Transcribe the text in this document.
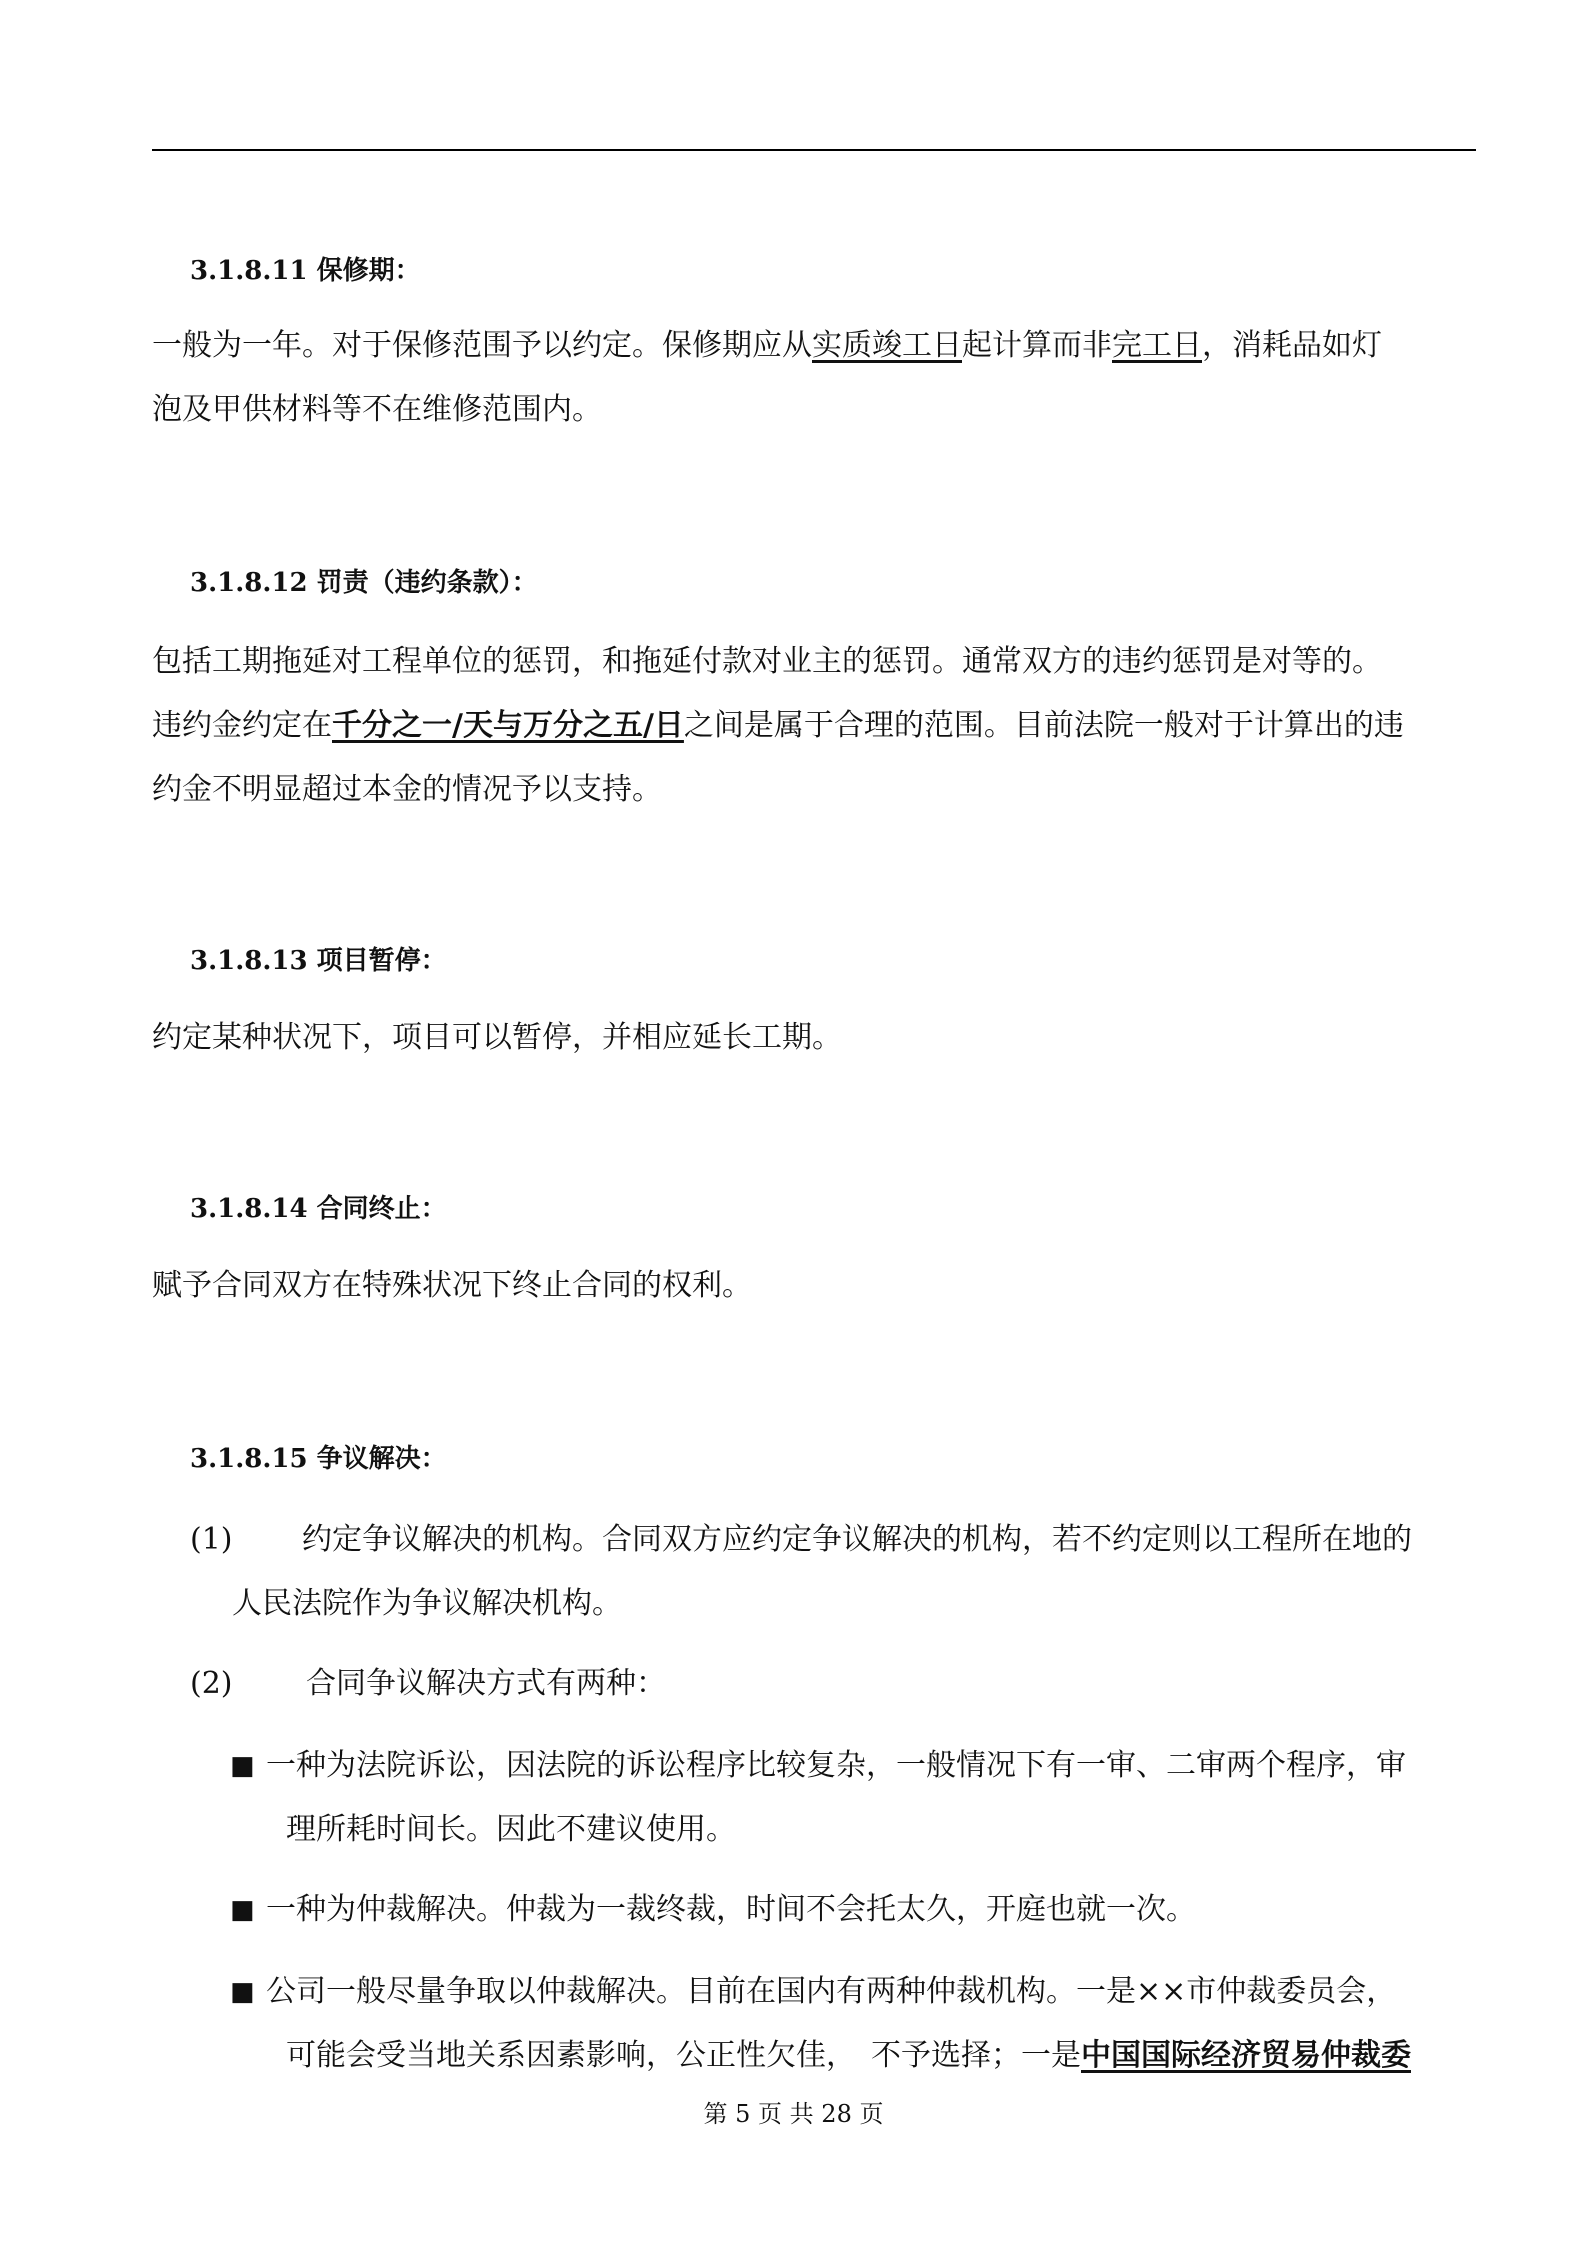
3.1.8.11 保修期：

一般为一年。对于保修范围予以约定。保修期应从实质竣工日起计算而非完工日，消耗品如灯
泡及甲供材料等不在维修范围内。

3.1.8.12 罚责（违约条款）：

包括工期拖延对工程单位的惩罚，和拖延付款对业主的惩罚。通常双方的违约惩罚是对等的。
违约金约定在千分之一/天与万分之五/日之间是属于合理的范围。目前法院一般对于计算出的违
约金不明显超过本金的情况予以支持。

3.1.8.13 项目暂停：

约定某种状况下，项目可以暂停，并相应延长工期。

3.1.8.14 合同终止：

赋予合同双方在特殊状况下终止合同的权利。

3.1.8.15 争议解决：
(1)	约定争议解决的机构。合同双方应约定争议解决的机构，若不约定则以工程所在地的

人民法院作为争议解决机构。

(2)	合同争议解决方式有两种：

■ 一种为法院诉讼，因法院的诉讼程序比较复杂，一般情况下有一审、二审两个程序，审

理所耗时间长。因此不建议使用。

■ 一种为仲裁解决。仲裁为一裁终裁，时间不会托太久，开庭也就一次。

■ 公司一般尽量争取以仲裁解决。目前在国内有两种仲裁机构。一是××市仲裁委员会，

可能会受当地关系因素影响，公正性欠佳，　不予选择；一是中国国际经济贸易仲裁委

第 5 页 共 28 页
